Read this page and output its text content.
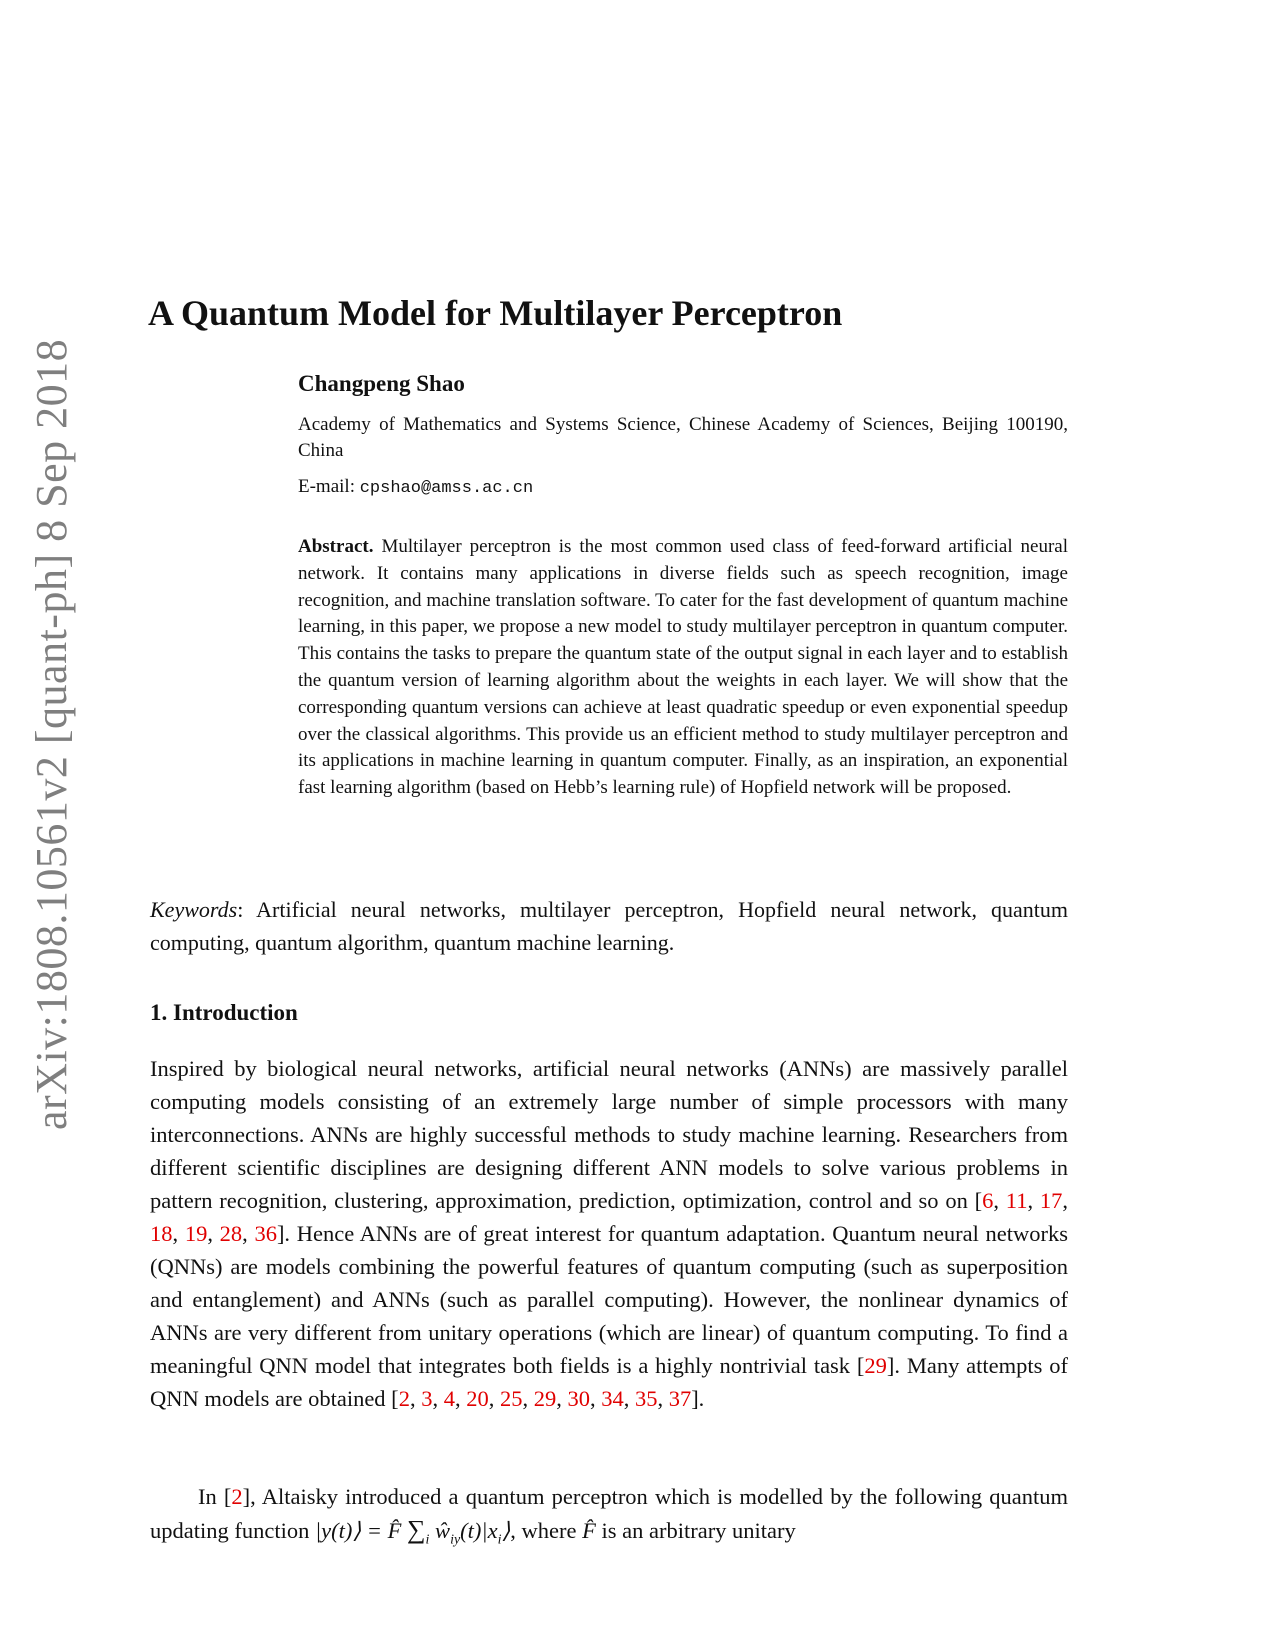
arXiv:1808.10561v2 [quant-ph] 8 Sep 2018
A Quantum Model for Multilayer Perceptron
Changpeng Shao
Academy of Mathematics and Systems Science, Chinese Academy of Sciences, Beijing 100190, China
E-mail: cpshao@amss.ac.cn

Abstract. Multilayer perceptron is the most common used class of feed-forward artificial neural network. It contains many applications in diverse fields such as speech recognition, image recognition, and machine translation software. To cater for the fast development of quantum machine learning, in this paper, we propose a new model to study multilayer perceptron in quantum computer. This contains the tasks to prepare the quantum state of the output signal in each layer and to establish the quantum version of learning algorithm about the weights in each layer. We will show that the corresponding quantum versions can achieve at least quadratic speedup or even exponential speedup over the classical algorithms. This provide us an efficient method to study multilayer perceptron and its applications in machine learning in quantum computer. Finally, as an inspiration, an exponential fast learning algorithm (based on Hebb’s learning rule) of Hopfield network will be proposed.

Keywords: Artificial neural networks, multilayer perceptron, Hopfield neural network, quantum computing, quantum algorithm, quantum machine learning.

1. Introduction

Inspired by biological neural networks, artificial neural networks (ANNs) are massively parallel computing models consisting of an extremely large number of simple processors with many interconnections. ANNs are highly successful methods to study machine learning. Researchers from different scientific disciplines are designing different ANN models to solve various problems in pattern recognition, clustering, approximation, prediction, optimization, control and so on [6, 11, 17, 18, 19, 28, 36]. Hence ANNs are of great interest for quantum adaptation. Quantum neural networks (QNNs) are models combining the powerful features of quantum computing (such as superposition and entanglement) and ANNs (such as parallel computing). However, the nonlinear dynamics of ANNs are very different from unitary operations (which are linear) of quantum computing. To find a meaningful QNN model that integrates both fields is a highly nontrivial task [29]. Many attempts of QNN models are obtained [2, 3, 4, 20, 25, 29, 30, 34, 35, 37].

In [2], Altaisky introduced a quantum perceptron which is modelled by the following quantum updating function |y(t)⟩ = F̂ $\sum_i$ $ŵ_{iy}(t)|x_i⟩$, where F̂ is an arbitrary unitary
